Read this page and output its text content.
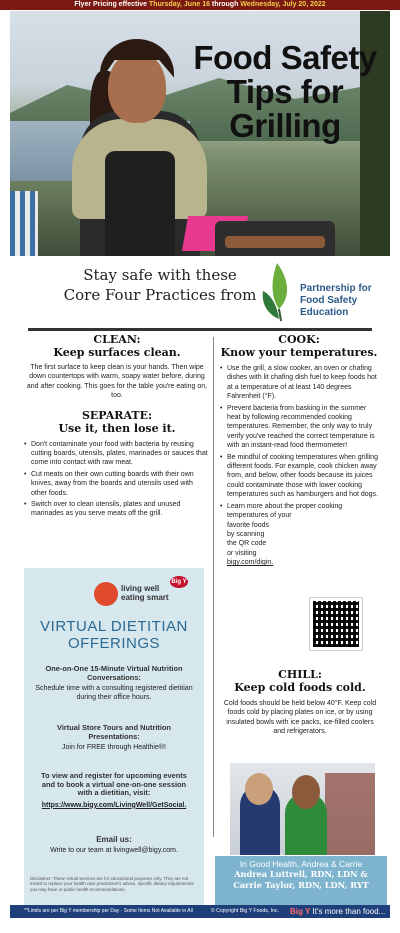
Flyer Pricing effective Thursday, June 16 through Wednesday, July 20, 2022
Food Safety
Tips for
Grilling
Stay safe with these
Core Four Practices from	Partnership for
Food Safety
Education
CLEAN:
Keep surfaces clean.

The first surface to keep clean is your hands. Then wipe down countertops with warm, soapy water before, during and after cooking. This goes for the table you're eating on, too.

SEPARATE:
Use it, then lose it.
• Don't contaminate your food with bacteria by reusing cutting boards, utensils, plates, marinades or sauces that come into contact with raw meat.
• Cut meats on their own cutting boards with their own knives, away from the boards and utensils used with other foods.
• Switch over to clean utensils, plates and unused marinades as you serve meats off the grill.
COOK:
Know your temperatures.
• Use the grill, a slow cooker, an oven or chafing dishes with lit chafing dish fuel to keep foods hot at a temperature of at least 140 degrees Fahrenheit (°F).
• Prevent bacteria from basking in the summer heat by following recommended cooking temperatures. Remember, the only way to truly verify you've reached the correct temperature is with an instant-read food thermometer!
• Be mindful of cooking temperatures when grilling different foods. For example, cook chicken away from, and below, other foods because its juices could contaminate those with lower cooking temperatures such as hamburgers and hot dogs.
• Learn more about the proper cooking
temperatures of your
favorite foods
by scanning
the QR code
or visiting
bigy.com/digin.
CHILL:
Keep cold foods cold.

Cold foods should be held below 40°F. Keep cold foods cold by placing plates on ice, or by using insulated bowls with ice packs, ice-filled coolers and refrigerators.

living well
eating smart
Big Y
VIRTUAL DIETITIAN
OFFERINGS
One-on-One 15-Minute Virtual Nutrition Conversations:
Schedule time with a consulting registered dietitian during their office hours.
Virtual Store Tours and Nutrition Presentations:
Join for FREE through Healthie®!
To view and register for upcoming events and to book a virtual one-on-one session with a dietitian, visit:
https://www.bigy.com/LivingWell/GetSocial.
Email us:
Write to our team at livingwell@bigy.com.
Disclaimer: These virtual services are for educational purposes only. They are not meant to replace your health care practitioner's advice, specific dietary requirements you may have or public health recommendations.
In Good Health, Andrea & Carrie
Andrea Luttrell, RDN, LDN &
Carrie Taylor, RDN, LDN, RYT
**Limits are per Big Y membership per Day · Some Items Not Available in All Stores.
© Copyright Big Y Foods, Inc. 2022
Big Y It's more than food...
